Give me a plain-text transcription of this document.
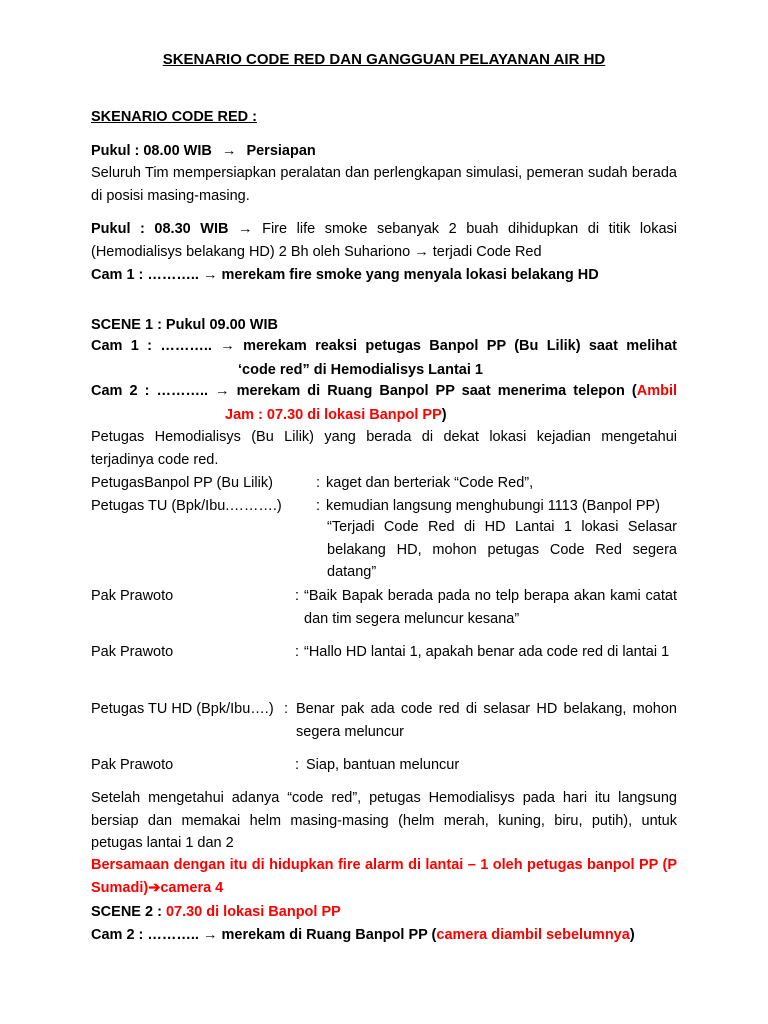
SKENARIO CODE RED DAN GANGGUAN PELAYANAN AIR HD
SKENARIO CODE RED :
Pukul : 08.00 WIB → Persiapan
Seluruh Tim mempersiapkan peralatan dan perlengkapan simulasi, pemeran sudah berada di posisi masing-masing.
Pukul : 08.30 WIB → Fire life smoke sebanyak 2 buah dihidupkan di titik lokasi (Hemodialisys belakang HD) 2 Bh oleh Suhariono → terjadi Code Red
Cam 1 : ……….. → merekam fire smoke yang menyala lokasi belakang HD
SCENE 1 : Pukul 09.00 WIB
Cam 1 : ……….. → merekam reaksi petugas Banpol PP (Bu Lilik) saat melihat
‘code red” di Hemodialisys Lantai 1
Cam 2 : ……….. → merekam di Ruang Banpol PP saat menerima telepon (Ambil
Jam : 07.30 di lokasi Banpol PP)
Petugas Hemodialisys (Bu Lilik) yang berada di dekat lokasi kejadian mengetahui terjadinya code red.
PetugasBanpol PP (Bu Lilik)	: kaget dan berteriak “Code Red”,
Petugas TU (Bpk/Ibu.……….) : kemudian langsung menghubungi 1113 (Banpol PP)
“Terjadi Code Red di HD Lantai 1 lokasi Selasar belakang HD, mohon petugas Code Red segera datang”
Pak Prawoto	: “Baik Bapak berada pada no telp berapa akan kami catat dan tim segera meluncur kesana”
Pak Prawoto	: “Hallo HD lantai 1, apakah benar ada code red di lantai 1
Petugas TU HD (Bpk/Ibu….) : Benar pak ada code red di selasar HD belakang, mohon segera meluncur
Pak Prawoto	: Siap, bantuan meluncur
Setelah mengetahui adanya “code red”, petugas Hemodialisys pada hari itu langsung bersiap dan memakai helm masing-masing (helm merah, kuning, biru, putih), untuk petugas lantai 1 dan 2
Bersamaan dengan itu di hidupkan fire alarm di lantai – 1 oleh petugas banpol PP (P Sumadi)➔camera 4
SCENE 2 : 07.30 di lokasi Banpol PP
Cam 2 : ……….. → merekam di Ruang Banpol PP (camera diambil sebelumnya)
